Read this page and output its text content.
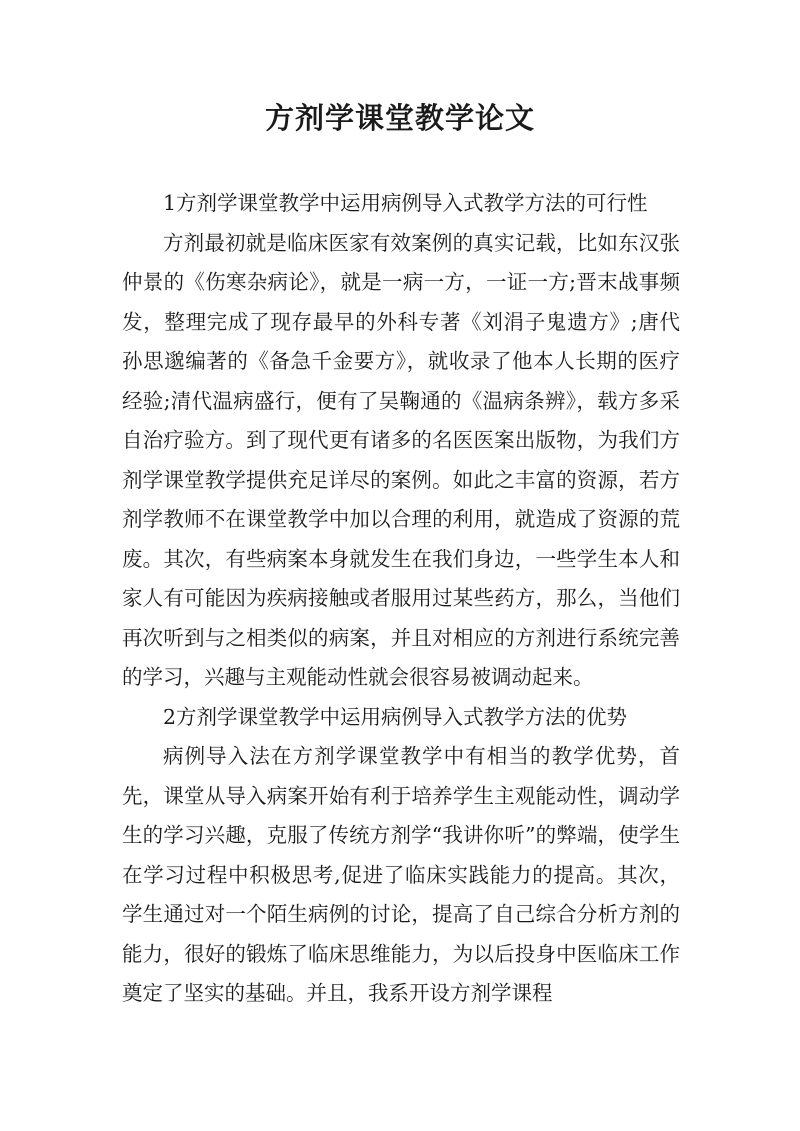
方剂学课堂教学论文

1方剂学课堂教学中运用病例导入式教学方法的可行性

方剂最初就是临床医家有效案例的真实记载，比如东汉张仲景的《伤寒杂病论》，就是一病一方，一证一方;晋末战事频发，整理完成了现存最早的外科专著《刘涓子鬼遗方》;唐代孙思邈编著的《备急千金要方》，就收录了他本人长期的医疗经验;清代温病盛行，便有了吴鞠通的《温病条辨》，载方多采自治疗验方。到了现代更有诸多的名医医案出版物，为我们方剂学课堂教学提供充足详尽的案例。如此之丰富的资源，若方剂学教师不在课堂教学中加以合理的利用，就造成了资源的荒废。其次，有些病案本身就发生在我们身边，一些学生本人和家人有可能因为疾病接触或者服用过某些药方，那么，当他们再次听到与之相类似的病案，并且对相应的方剂进行系统完善的学习，兴趣与主观能动性就会很容易被调动起来。

2方剂学课堂教学中运用病例导入式教学方法的优势

病例导入法在方剂学课堂教学中有相当的教学优势，首先，课堂从导入病案开始有利于培养学生主观能动性，调动学生的学习兴趣，克服了传统方剂学“我讲你听”的弊端，使学生在学习过程中积极思考,促进了临床实践能力的提高。其次，学生通过对一个陌生病例的讨论，提高了自己综合分析方剂的能力，很好的锻炼了临床思维能力，为以后投身中医临床工作奠定了坚实的基础。并且，我系开设方剂学课程
